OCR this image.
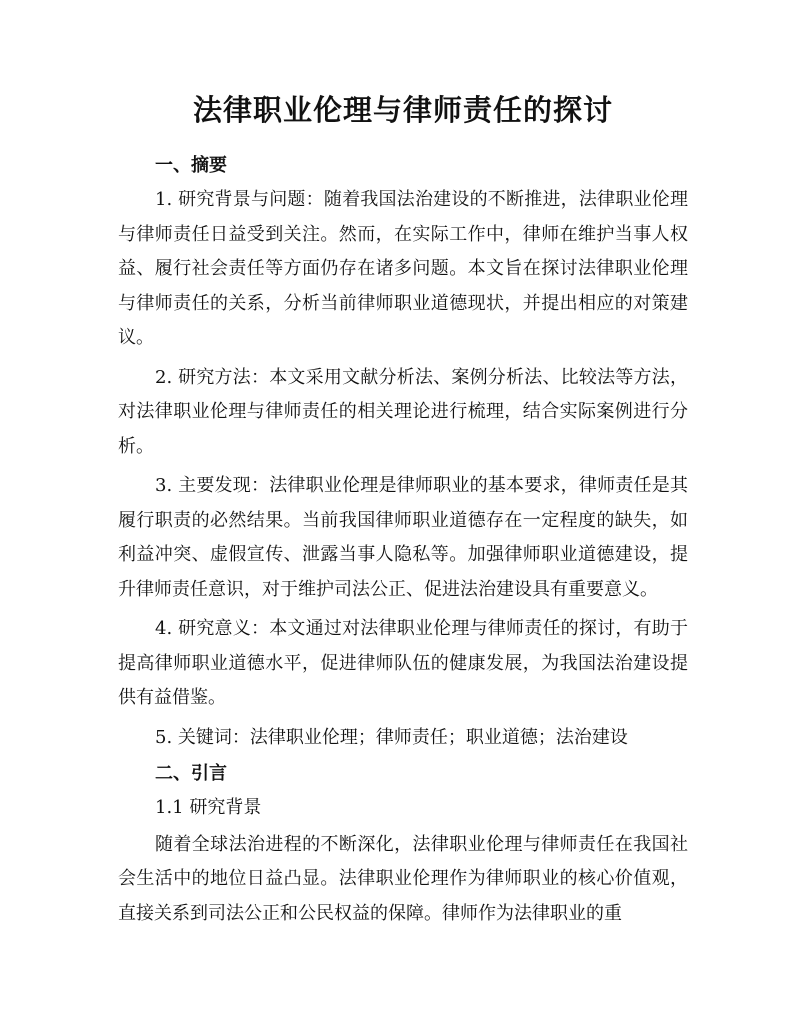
法律职业伦理与律师责任的探讨
一、摘要

1. 研究背景与问题：随着我国法治建设的不断推进，法律职业伦理与律师责任日益受到关注。然而，在实际工作中，律师在维护当事人权益、履行社会责任等方面仍存在诸多问题。本文旨在探讨法律职业伦理与律师责任的关系，分析当前律师职业道德现状，并提出相应的对策建议。

2. 研究方法：本文采用文献分析法、案例分析法、比较法等方法，对法律职业伦理与律师责任的相关理论进行梳理，结合实际案例进行分析。

3. 主要发现：法律职业伦理是律师职业的基本要求，律师责任是其履行职责的必然结果。当前我国律师职业道德存在一定程度的缺失，如利益冲突、虚假宣传、泄露当事人隐私等。加强律师职业道德建设，提升律师责任意识，对于维护司法公正、促进法治建设具有重要意义。

4. 研究意义：本文通过对法律职业伦理与律师责任的探讨，有助于提高律师职业道德水平，促进律师队伍的健康发展，为我国法治建设提供有益借鉴。

5. 关键词：法律职业伦理；律师责任；职业道德；法治建设

二、引言

1.1 研究背景

随着全球法治进程的不断深化，法律职业伦理与律师责任在我国社会生活中的地位日益凸显。法律职业伦理作为律师职业的核心价值观，直接关系到司法公正和公民权益的保障。律师作为法律职业的重
